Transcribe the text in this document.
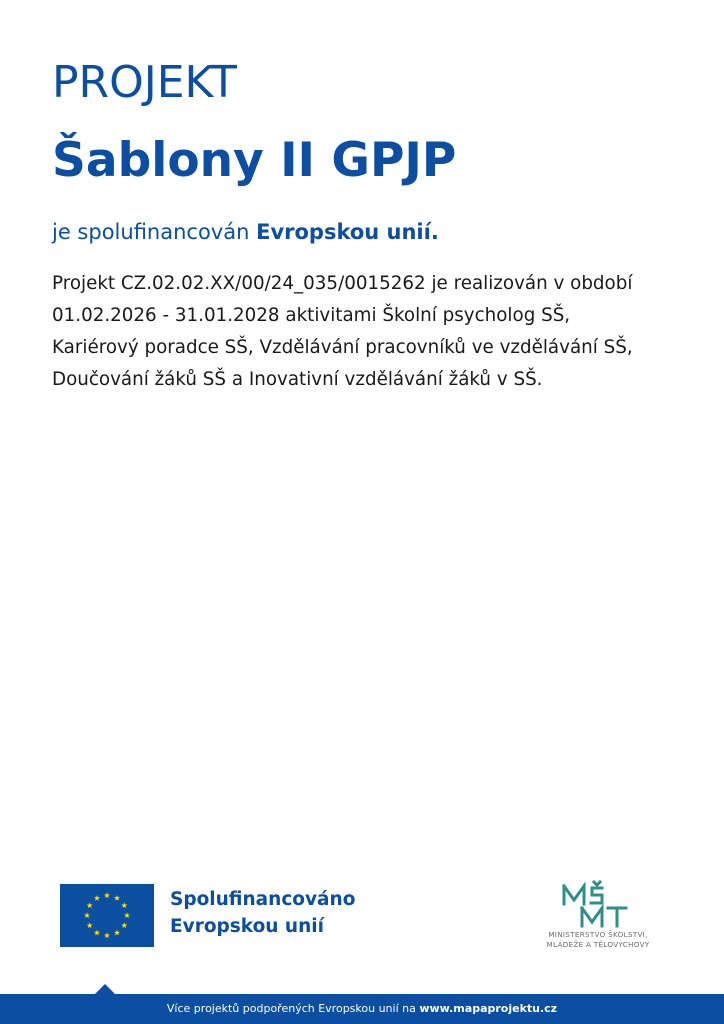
PROJEKT
Šablony II GPJP

je spolufinancován Evropskou unií.

Projekt CZ.02.02.XX/00/24_035/0015262 je realizován v období
01.02.2026 - 31.01.2028 aktivitami Školní psycholog SŠ,
Kariérový poradce SŠ, Vzdělávání pracovníků ve vzdělávání SŠ,
Doučování žáků SŠ a Inovativní vzdělávání žáků v SŠ.

Spolufinancováno
Evropskou unií	MINISTERSTVO ŠKOLSTVÍ,
MLÁDEŽE A TĚLOVÝCHOVY
Více projektů podpořených Evropskou unií na www.mapaprojektu.cz
